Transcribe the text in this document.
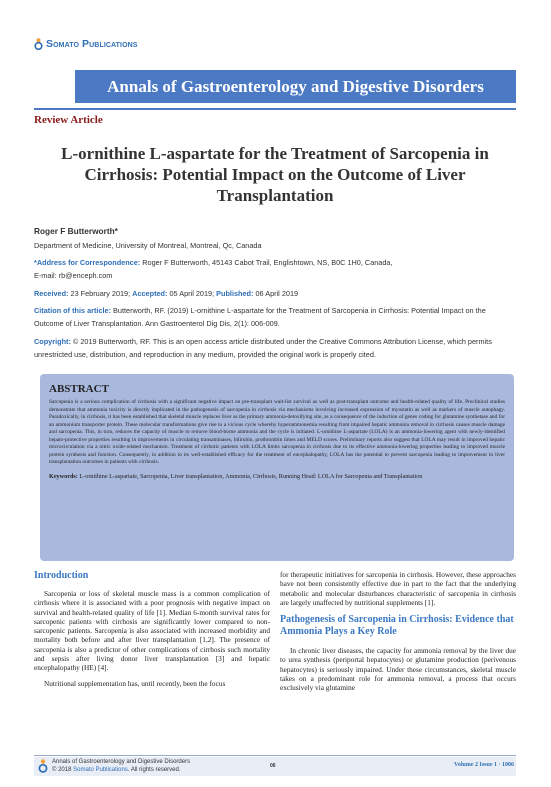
Somato Publications
Annals of Gastroenterology and Digestive Disorders
Review Article
L-ornithine L-aspartate for the Treatment of Sarcopenia in Cirrhosis: Potential Impact on the Outcome of Liver Transplantation
Roger F Butterworth*
Department of Medicine, University of Montreal, Montreal, Qc, Canada
*Address for Correspondence: Roger F Butterworth, 45143 Cabot Trail, Englishtown, NS, B0C 1H0, Canada,
E-mail: rb@enceph.com
Received: 23 February 2019; Accepted: 05 April 2019; Published: 06 April 2019
Citation of this article: Butterworth, RF. (2019) L-ornithine L-aspartate for the Treatment of Sarcopenia in Cirrhosis: Potential Impact on the Outcome of Liver Transplantation. Ann Gastroenterol Dig Dis, 2(1): 006-009.
Copyright: © 2019 Butterworth, RF. This is an open access article distributed under the Creative Commons Attribution License, which permits unrestricted use, distribution, and reproduction in any medium, provided the original work is properly cited.
ABSTRACT

Sarcopenia is a serious complication of cirrhosis with a significant negative impact on pre-transplant wait-list survival as well as post-transplant outcome and health-related quality of life. Preclinical studies demonstrate that ammonia toxicity is directly implicated in the pathogenesis of sarcopenia in cirrhosis via mechanisms involving increased expression of myostatin as well as markers of muscle autophagy. Paradoxically, in cirrhosis, it has been established that skeletal muscle replaces liver as the primary ammonia-detoxifying site, as a consequence of the induction of genes coding for glutamine synthetase and for an ammonium transporter protein. These molecular transformations give rise to a vicious cycle whereby hyperammonemia resulting from impaired hepatic ammonia removal in cirrhosis causes muscle damage and sarcopenia. This, in turn, reduces the capacity of muscle to remove blood-borne ammonia and the cycle is initiated. L-ornithine L-aspartate (LOLA) is an ammonia-lowering agent with newly-identified hepato-protective properties resulting in improvements in circulating transaminases, bilirubin, prothrombin times and MELD scores. Preliminary reports also suggest that LOLA may result in improved hepatic microcirculation via a nitric oxide-related mechanism. Treatment of cirrhotic patients with LOLA limits sarcopenia in cirrhosis due to its effective ammonia-lowering properties leading to improved muscle protein synthesis and function. Consequently, in addition to its well-established efficacy for the treatment of encephalopathy, LOLA has the potential to prevent sarcopenia leading to improvement in liver transplantation outcomes in patients with cirrhosis.

Keywords: L-ornithine L-aspartate, Sarcopenia, Liver transplantation, Ammonia, Cirrhosis, Running Head: LOLA for Sarcopenia and Transplantation

Introduction

Sarcopenia or loss of skeletal muscle mass is a common complication of cirrhosis where it is associated with a poor prognosis with negative impact on survival and health-related quality of life [1]. Median 6-month survival rates for sarcopenic patients with cirrhosis are significantly lower compared to non-sarcopenic patients. Sarcopenia is also associated with increased morbidity and mortality both before and after liver transplantation [1,2]. The presence of sarcopenia is also a predictor of other complications of cirrhosis such mortality and sepsis after living donor liver transplantation [3] and hepatic encephalopathy (HE) [4].

Nutritional supplementation has, until recently, been the focus

for therapeutic initiatives for sarcopenia in cirrhosis. However, these approaches have not been consistently effective due in part to the fact that the underlying metabolic and molecular disturbances characteristic of sarcopenia in cirrhosis are largely unaffected by nutritional supplements [1].

Pathogenesis of Sarcopenia in Cirrhosis: Evidence that Ammonia Plays a Key Role

In chronic liver diseases, the capacity for ammonia removal by the liver due to urea synthesis (periportal hepatocytes) or glutamine production (perivenous hepatocytes) is seriously impaired. Under these circumstances, skeletal muscle takes on a predominant role for ammonia removal, a process that occurs exclusively via glutamine

Annals of Gastroenterology and Digestive Disorders
© 2018 Somato Publications. All rights reserved.
06	Volume 2 Issue 1 · 1006
